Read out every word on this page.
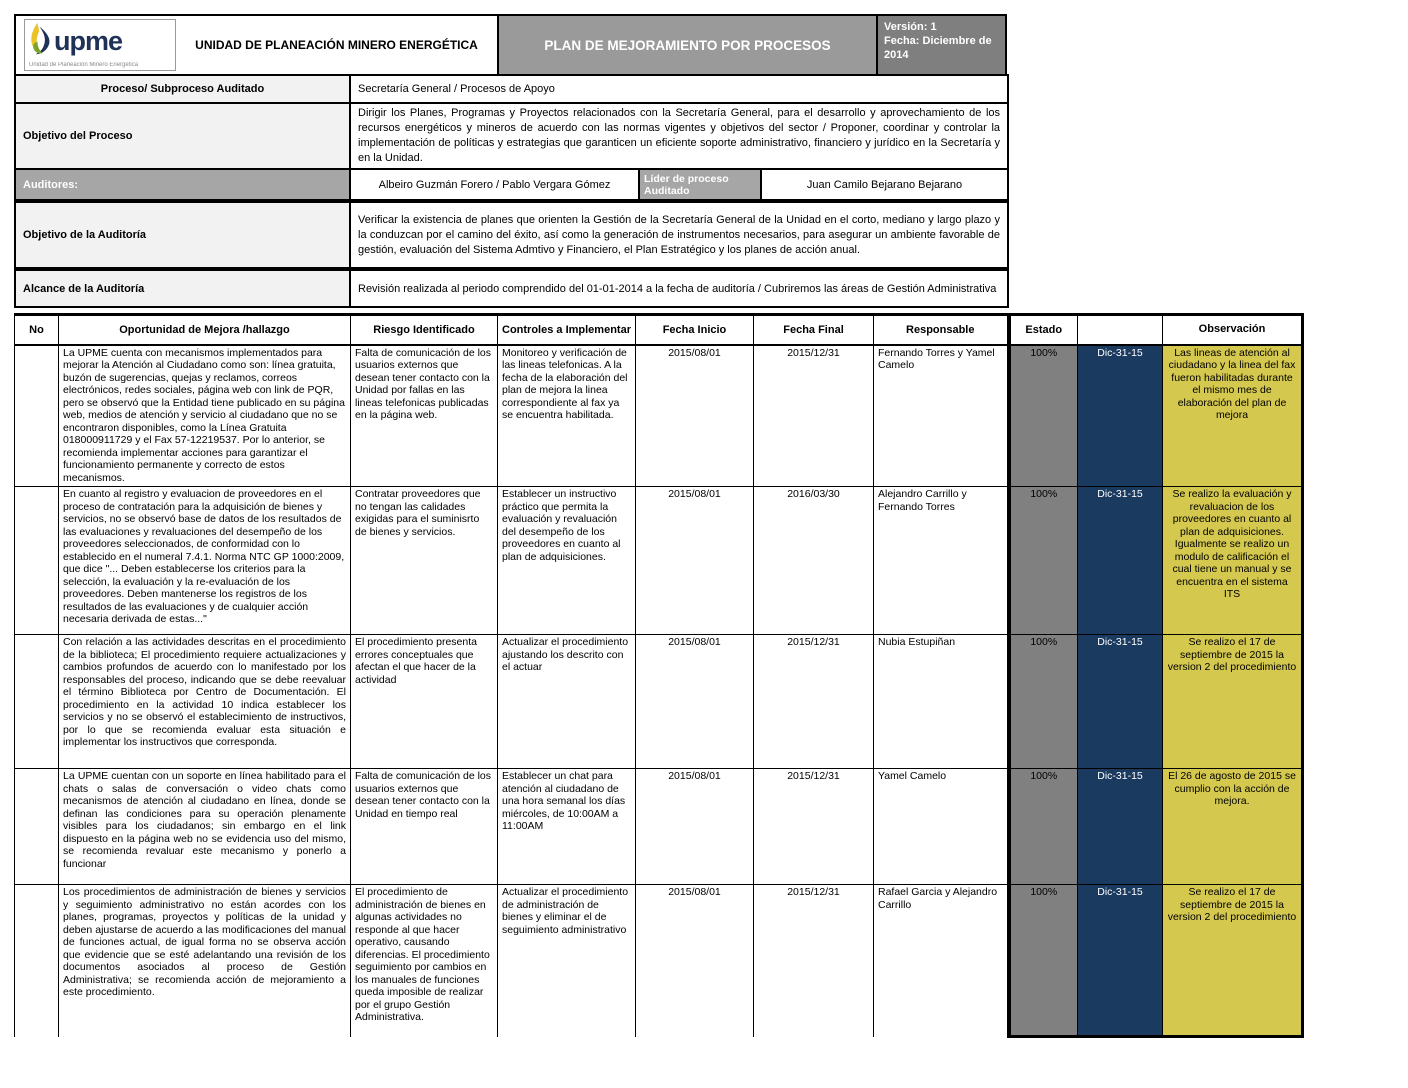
upme
Unidad de Planeación Minero Energética
UNIDAD DE PLANEACIÓN MINERO ENERGÉTICA	PLAN DE MEJORAMIENTO POR PROCESOS
Versión: 1
Fecha: Diciembre de 2014
Proceso/ Subproceso Auditado	Secretaría General / Procesos de Apoyo		
Objetivo del Proceso	Dirigir los Planes, Programas y Proyectos relacionados con la Secretaría General, para el desarrollo y aprovechamiento de los recursos energéticos y mineros de acuerdo con las normas vigentes y objetivos del sector / Proponer, coordinar y controlar la implementación de políticas y estrategias que garanticen un eficiente soporte administrativo, financiero y jurídico en la Secretaría y en la Unidad.		
Auditores:	Albeiro Guzmán Forero / Pablo Vergara Gómez	Líder de proceso Auditado	Juan Camilo Bejarano Bejarano
Objetivo de la Auditoría	Verificar la existencia de planes que orienten la Gestión de la Secretaría General de la Unidad en el corto, mediano y largo plazo y la conduzcan por el camino del éxito, así como la generación de instrumentos necesarios, para asegurar un ambiente favorable de gestión, evaluación del Sistema Admtivo y Financiero, el Plan Estratégico y los planes de acción anual.		
Alcance de la Auditoría	Revisión realizada al periodo comprendido del 01-01-2014 a la fecha de auditoría / Cubriremos las áreas de Gestión Administrativa		
No	Oportunidad de Mejora /hallazgo	Riesgo Identificado	Controles a Implementar	Fecha Inicio	Fecha Final	Responsable	Estado	Fecha de Seguimiento	Observación
	La UPME cuenta con mecanismos implementados para mejorar la Atención al Ciudadano como son: línea gratuita, buzón de sugerencias, quejas y reclamos, correos electrónicos, redes sociales, página web con link de PQR, pero se observó que la Entidad tiene publicado en su página web, medios de atención y servicio al ciudadano que no se encontraron disponibles, como la Línea Gratuita 018000911729 y el Fax 57-12219537. Por lo anterior, se recomienda implementar acciones para garantizar el funcionamiento permanente y correcto de estos mecanismos.	Falta de comunicación de los usuarios externos que desean tener contacto con la Unidad por fallas en las lineas telefonicas publicadas en la página web.	Monitoreo y verificación de las lineas telefonicas. A la fecha de la elaboración del plan de mejora la linea correspondiente al fax ya se encuentra habilitada.	2015/08/01	2015/12/31	Fernando Torres y Yamel Camelo	100%	Dic-31-15	Las lineas de atención al ciudadano y la linea del fax fueron habilitadas durante el mismo mes de elaboración del plan de mejora
	En cuanto al registro y evaluacion de proveedores en el proceso de contratación para la adquisición de bienes y servicios, no se observó base de datos de los resultados de las evaluaciones y revaluaciones del desempeño de los proveedores seleccionados, de conformidad con lo establecido en el numeral 7.4.1. Norma NTC GP 1000:2009, que dice "... Deben establecerse los criterios para la selección, la evaluación y la re-evaluación de los proveedores. Deben mantenerse los registros de los resultados de las evaluaciones y de cualquier acción necesaria derivada de estas..."	Contratar proveedores que no tengan las calidades exigidas para el suminisrto de bienes y servicios.	Establecer un instructivo práctico que permita la evaluación y revaluación del desempeño de los proveedores en cuanto al plan de adquisiciones.	2015/08/01	2016/03/30	Alejandro Carrillo y Fernando Torres	100%	Dic-31-15	Se realizo la evaluación y revaluacion de los proveedores en cuanto al plan de adquisiciones. Igualmente se realizo un modulo de calificación el cual tiene un manual y se encuentra en el sistema ITS
	Con relación a las actividades descritas en el procedimiento de la biblioteca; El procedimiento requiere actualizaciones y cambios profundos de acuerdo con lo manifestado por los responsables del proceso, indicando que se debe reevaluar el término Biblioteca por Centro de Documentación. El procedimiento en la actividad 10 indica establecer los servicios y no se observó el establecimiento de instructivos, por lo que se recomienda evaluar esta situación e implementar los instructivos que corresponda.	El procedimiento presenta errores conceptuales que afectan el que hacer de la actividad	Actualizar el procedimiento ajustando los descrito con el actuar	2015/08/01	2015/12/31	Nubia Estupiñan	100%	Dic-31-15	Se realizo el 17 de septiembre de 2015 la version 2 del procedimiento
	La UPME cuentan con un soporte en línea habilitado para el chats o salas de conversación o video chats como mecanismos de atención al ciudadano en línea, donde se definan las condiciones para su operación plenamente visibles para los ciudadanos; sin embargo en el link dispuesto en la página web no se evidencia uso del mismo, se recomienda revaluar este mecanismo y ponerlo a funcionar	Falta de comunicación de los usuarios externos que desean tener contacto con la Unidad en tiempo real	Establecer un chat para atención al ciudadano de una hora semanal los días miércoles, de 10:00AM a 11:00AM	2015/08/01	2015/12/31	Yamel Camelo	100%	Dic-31-15	El 26 de agosto de 2015 se cumplio con la acción de mejora.
	Los procedimientos de administración de bienes y servicios y seguimiento administrativo no están acordes con los planes, programas, proyectos y políticas de la unidad y deben ajustarse de acuerdo a las modificaciones del manual de funciones actual, de igual forma no se observa acción que evidencie que se esté adelantando una revisión de los documentos asociados al proceso de Gestión Administrativa; se recomienda acción de mejoramiento a este procedimiento.	El procedimiento de administración de bienes en algunas actividades no responde al que hacer operativo, causando diferencias. El procedimiento seguimiento por cambios en los manuales de funciones queda imposible de realizar por el grupo Gestión Administrativa.	Actualizar el procedimiento de administración de bienes y eliminar el de seguimiento administrativo	2015/08/01	2015/12/31	Rafael Garcia y Alejandro Carrillo	100%	Dic-31-15	Se realizo el 17 de septiembre de 2015 la version 2 del procedimiento
